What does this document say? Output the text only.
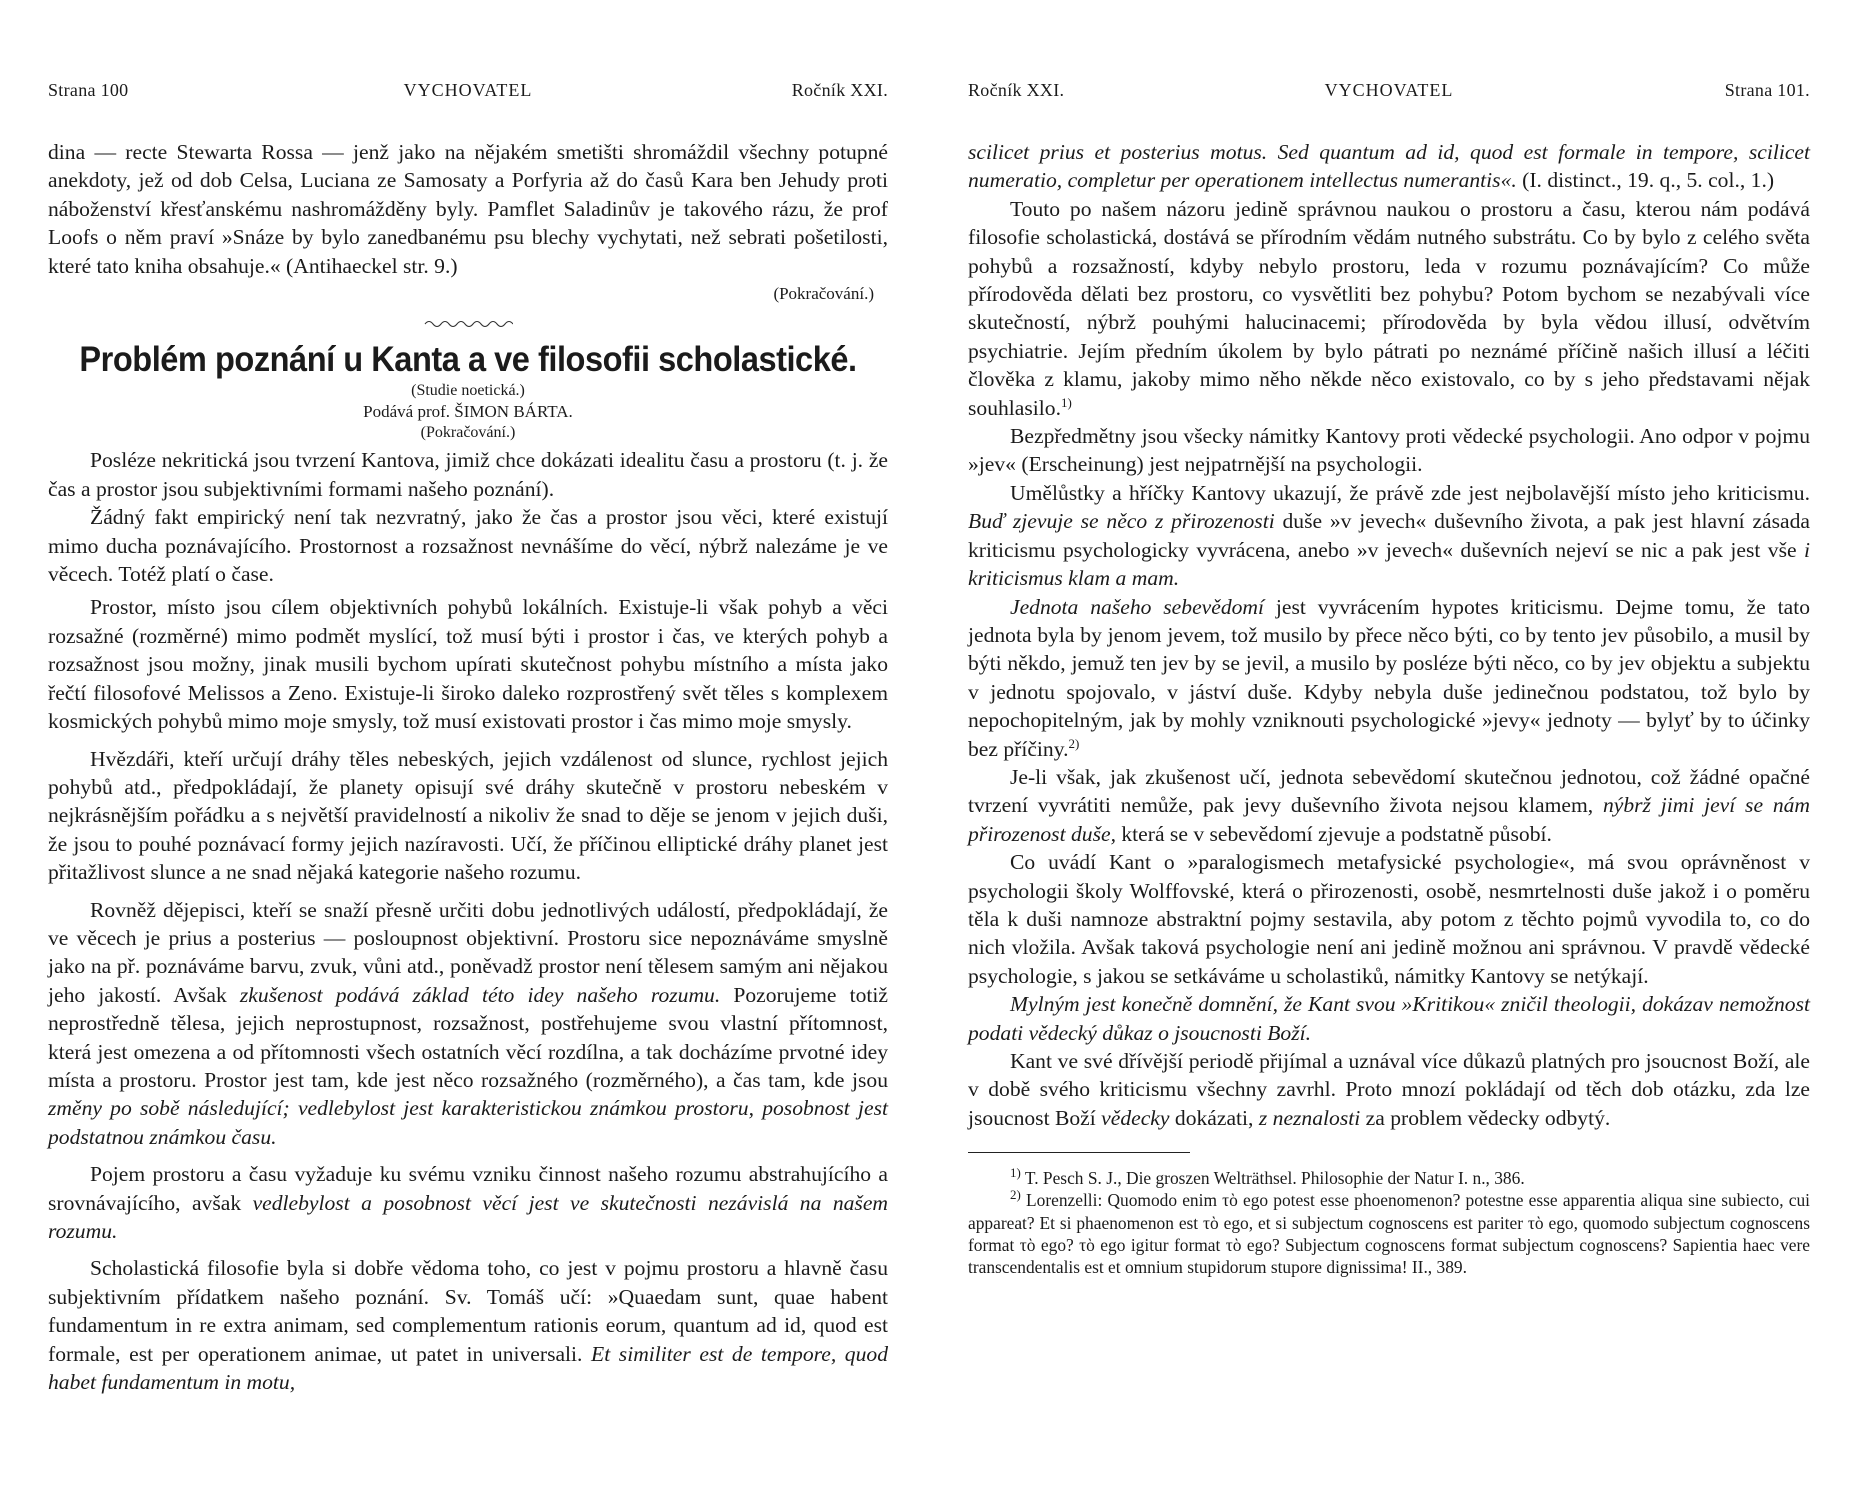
Strana 100	VYCHOVATEL	Ročník XXI.

dina — recte Stewarta Rossa — jenž jako na nějakém smetišti shromáždil všechny potupné anekdoty, jež od dob Celsa, Luciana ze Samosaty a Porfyria až do časů Kara ben Jehudy proti náboženství křesťanskému nashromážděny byly. Pamflet Saladinův je takového rázu, že prof Loofs o něm praví »Snáze by bylo zanedbanému psu blechy vychytati, než sebrati pošetilosti, které tato kniha obsahuje.« (Antihaeckel str. 9.)

(Pokračování.)
Problém poznání u Kanta a ve filosofii scholastické.
(Studie noetická.)
Podává prof. ŠIMON BÁRTA.
(Pokračování.)

Posléze nekritická jsou tvrzení Kantova, jimiž chce dokázati idealitu času a prostoru (t. j. že čas a prostor jsou subjektivními formami našeho poznání).

Žádný fakt empirický není tak nezvratný, jako že čas a prostor jsou věci, které existují mimo ducha poznávajícího. Prostornost a rozsažnost nevnášíme do věcí, nýbrž nalezáme je ve věcech. Totéž platí o čase.

Prostor, místo jsou cílem objektivních pohybů lokálních. Existuje-li však pohyb a věci rozsažné (rozměrné) mimo podmět myslící, tož musí býti i prostor i čas, ve kterých pohyb a rozsažnost jsou možny, jinak musili bychom upírati skutečnost pohybu místního a místa jako řečtí filosofové Melissos a Zeno. Existuje-li široko daleko rozprostřený svět těles s komplexem kosmických pohybů mimo moje smysly, tož musí existovati prostor i čas mimo moje smysly.

Hvězdáři, kteří určují dráhy těles nebeských, jejich vzdálenost od slunce, rychlost jejich pohybů atd., předpokládají, že planety opisují své dráhy skutečně v prostoru nebeském v nejkrásnějším pořádku a s největší pravidelností a nikoliv že snad to děje se jenom v jejich duši, že jsou to pouhé poznávací formy jejich nazíravosti. Učí, že příčinou elliptické dráhy planet jest přitažlivost slunce a ne snad nějaká kategorie našeho rozumu.

Rovněž dějepisci, kteří se snaží přesně určiti dobu jednotlivých událostí, předpokládají, že ve věcech je prius a posterius — posloupnost objektivní. Prostoru sice nepoznáváme smyslně jako na př. poznáváme barvu, zvuk, vůni atd., poněvadž prostor není tělesem samým ani nějakou jeho jakostí. Avšak zkušenost podává základ této idey našeho rozumu. Pozorujeme totiž neprostředně tělesa, jejich neprostupnost, rozsažnost, postřehujeme svou vlastní přítomnost, která jest omezena a od přítomnosti všech ostatních věcí rozdílna, a tak docházíme prvotné idey místa a prostoru. Prostor jest tam, kde jest něco rozsažného (rozměrného), a čas tam, kde jsou změny po sobě následující; vedlebylost jest karakteristickou známkou prostoru, posobnost jest podstatnou známkou času.

Pojem prostoru a času vyžaduje ku svému vzniku činnost našeho rozumu abstrahujícího a srovnávajícího, avšak vedlebylost a posobnost věcí jest ve skutečnosti nezávislá na našem rozumu.

Scholastická filosofie byla si dobře vědoma toho, co jest v pojmu prostoru a hlavně času subjektivním přídatkem našeho poznání. Sv. Tomáš učí: »Quaedam sunt, quae habent fundamentum in re extra animam, sed complementum rationis eorum, quantum ad id, quod est formale, est per operationem animae, ut patet in universali. Et similiter est de tempore, quod habet fundamentum in motu,

Ročník XXI.	VYCHOVATEL	Strana 101.

scilicet prius et posterius motus. Sed quantum ad id, quod est formale in tempore, scilicet numeratio, completur per operationem intellectus numerantis«. (I. distinct., 19. q., 5. col., 1.)

Touto po našem názoru jedině správnou naukou o prostoru a času, kterou nám podává filosofie scholastická, dostává se přírodním vědám nutného substrátu. Co by bylo z celého světa pohybů a rozsažností, kdyby nebylo prostoru, leda v rozumu poznávajícím? Co může přírodověda dělati bez prostoru, co vysvětliti bez pohybu? Potom bychom se nezabývali více skutečností, nýbrž pouhými halucinacemi; přírodověda by byla vědou illusí, odvětvím psychiatrie. Jejím předním úkolem by bylo pátrati po neznámé příčině našich illusí a léčiti člověka z klamu, jakoby mimo něho někde něco existovalo, co by s jeho představami nějak souhlasilo.$^{1)}$

Bezpředmětny jsou všecky námitky Kantovy proti vědecké psychologii. Ano odpor v pojmu »jev« (Erscheinung) jest nejpatrnější na psychologii.

Umělůstky a hříčky Kantovy ukazují, že právě zde jest nejbolavější místo jeho kriticismu. Buď zjevuje se něco z přirozenosti duše »v jevech« duševního života, a pak jest hlavní zásada kriticismu psychologicky vyvrácena, anebo »v jevech« duševních nejeví se nic a pak jest vše i kriticismus klam a mam.

Jednota našeho sebevědomí jest vyvrácením hypotes kriticismu. Dejme tomu, že tato jednota byla by jenom jevem, tož musilo by přece něco býti, co by tento jev působilo, a musil by býti někdo, jemuž ten jev by se jevil, a musilo by posléze býti něco, co by jev objektu a subjektu v jednotu spojovalo, v jáství duše. Kdyby nebyla duše jedinečnou podstatou, tož bylo by nepochopitelným, jak by mohly vzniknouti psychologické »jevy« jednoty — bylyť by to účinky bez příčiny.$^{2)}$

Je-li však, jak zkušenost učí, jednota sebevědomí skutečnou jednotou, což žádné opačné tvrzení vyvrátiti nemůže, pak jevy duševního života nejsou klamem, nýbrž jimi jeví se nám přirozenost duše, která se v sebevědomí zjevuje a podstatně působí.

Co uvádí Kant o »paralogismech metafysické psychologie«, má svou oprávněnost v psychologii školy Wolffovské, která o přirozenosti, osobě, nesmrtelnosti duše jakož i o poměru těla k duši namnoze abstraktní pojmy sestavila, aby potom z těchto pojmů vyvodila to, co do nich vložila. Avšak taková psychologie není ani jedině možnou ani správnou. V pravdě vědecké psychologie, s jakou se setkáváme u scholastiků, námitky Kantovy se netýkají.

Mylným jest konečně domnění, že Kant svou »Kritikou« zničil theologii, dokázav nemožnost podati vědecký důkaz o jsoucnosti Boží.

Kant ve své dřívější periodě přijímal a uznával více důkazů platných pro jsoucnost Boží, ale v době svého kriticismu všechny zavrhl. Proto mnozí pokládají od těch dob otázku, zda lze jsoucnost Boží vědecky dokázati, z neznalosti za problem vědecky odbytý.

$^{1)}$ T. Pesch S. J., Die groszen Welträthsel. Philosophie der Natur I. n., 386.

$^{2)}$ Lorenzelli: Quomodo enim τὸ ego potest esse phoenomenon? potestne esse apparentia aliqua sine subiecto, cui appareat? Et si phaenomenon est τὸ ego, et si subjectum cognoscens est pariter τὸ ego, quomodo subjectum cognoscens format τὸ ego? τὸ ego igitur format τὸ ego? Subjectum cognoscens format subjectum cognoscens? Sapientia haec vere transcendentalis est et omnium stupidorum stupore dignissima! II., 389.
